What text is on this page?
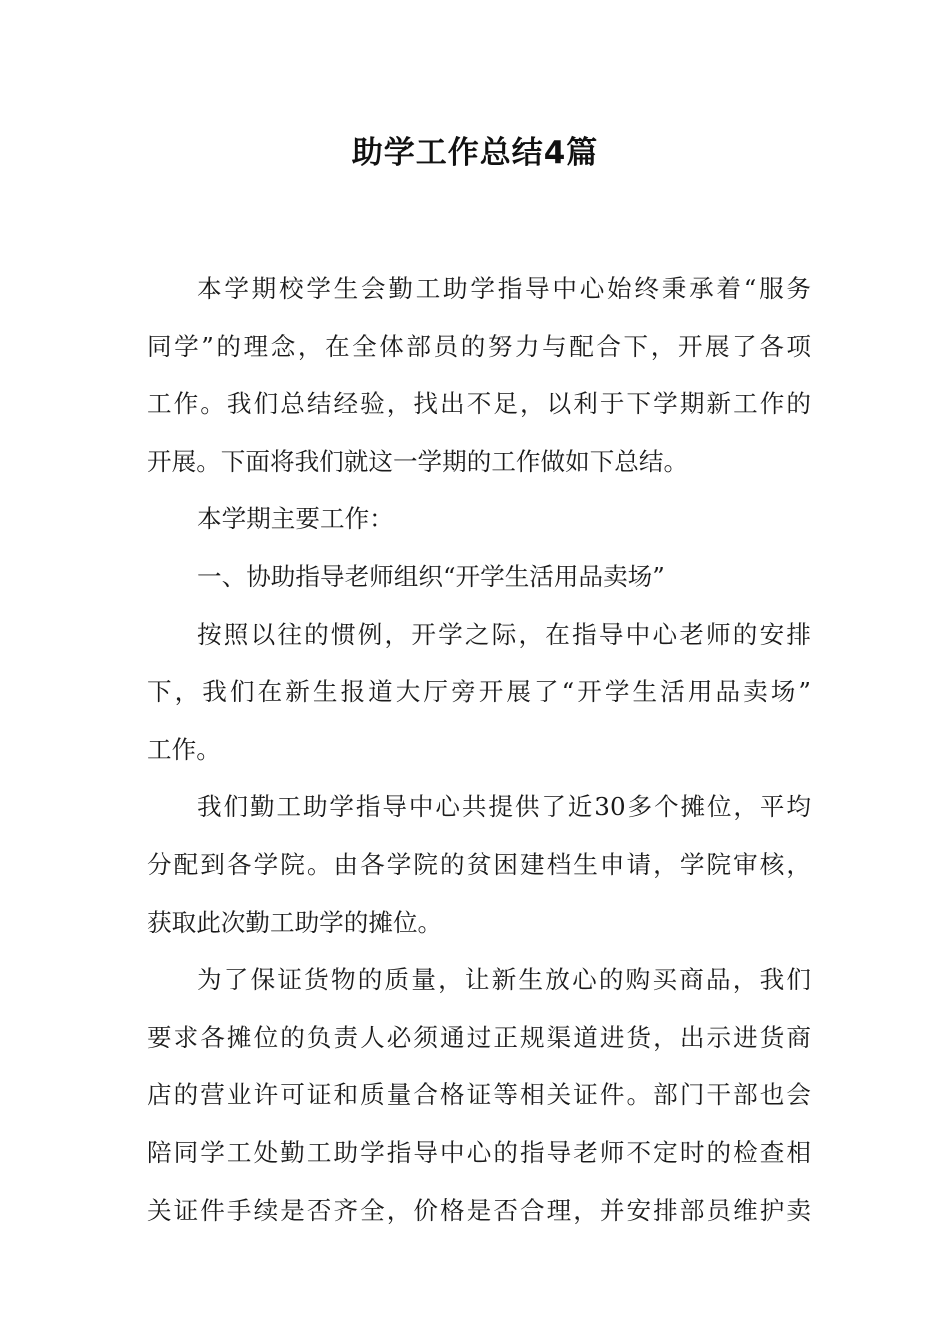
助学工作总结4篇
本学期校学生会勤工助学指导中心始终秉承着“服务
同学”的理念，在全体部员的努力与配合下，开展了各项
工作。我们总结经验，找出不足，以利于下学期新工作的
开展。下面将我们就这一学期的工作做如下总结。
本学期主要工作：
一、协助指导老师组织“开学生活用品卖场”
按照以往的惯例，开学之际，在指导中心老师的安排
下，我们在新生报道大厅旁开展了“开学生活用品卖场”
工作。
我们勤工助学指导中心共提供了近30多个摊位，平均
分配到各学院。由各学院的贫困建档生申请，学院审核，
获取此次勤工助学的摊位。
为了保证货物的质量，让新生放心的购买商品，我们
要求各摊位的负责人必须通过正规渠道进货，出示进货商
店的营业许可证和质量合格证等相关证件。部门干部也会
陪同学工处勤工助学指导中心的指导老师不定时的检查相
关证件手续是否齐全，价格是否合理，并安排部员维护卖
